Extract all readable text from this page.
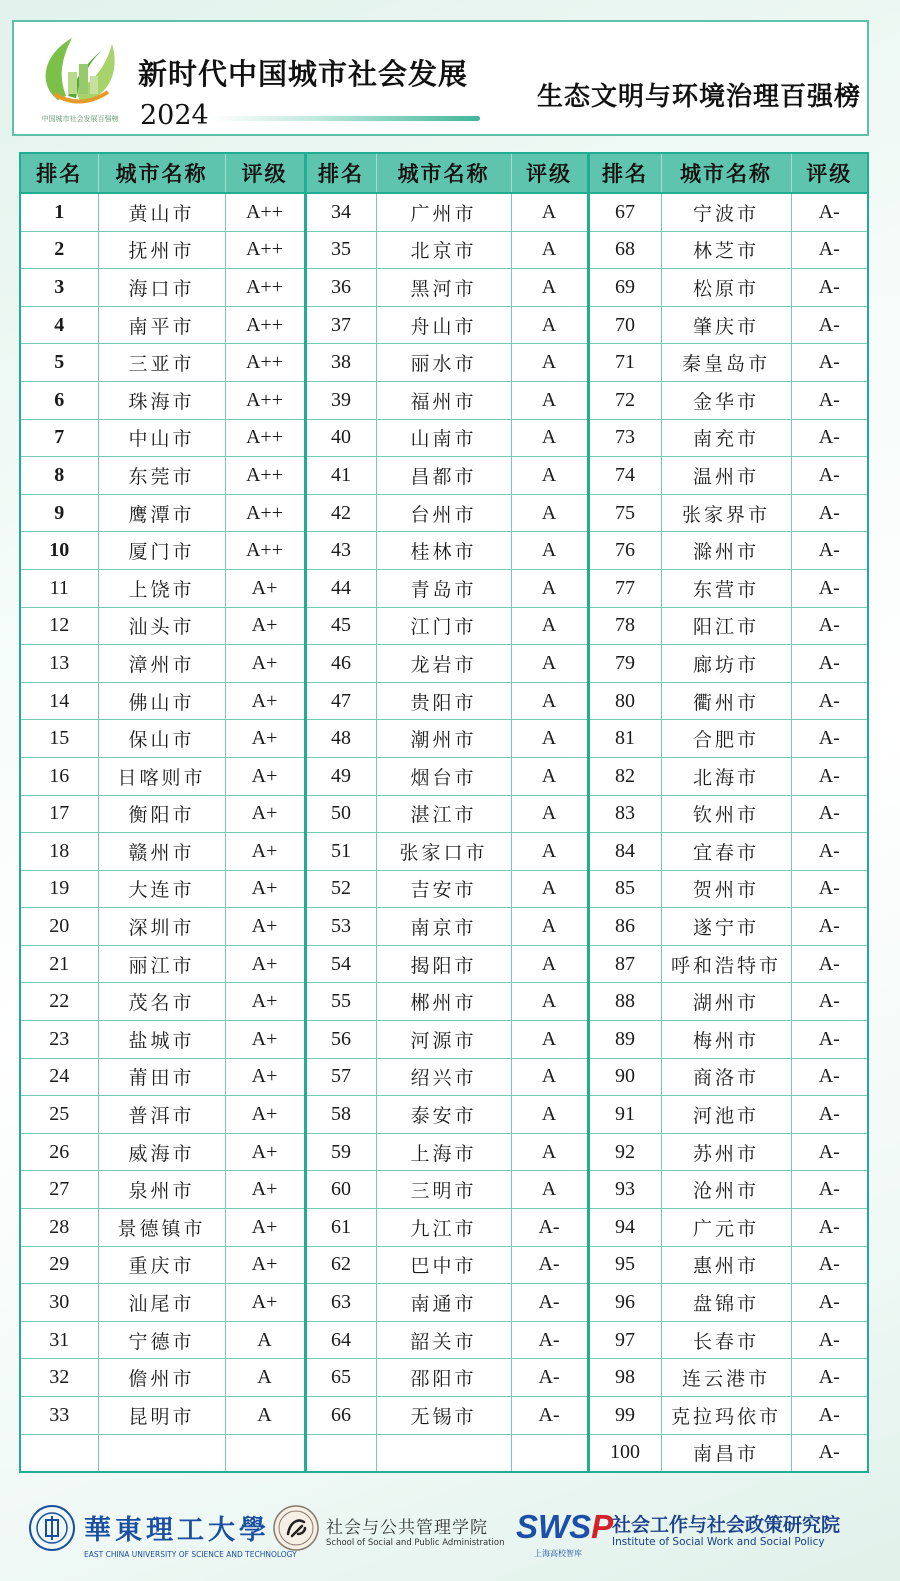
中国城市社会发展百强榜
新时代中国城市社会发展
2024
生态文明与环境治理百强榜
排名	城市名称	评级	排名	城市名称	评级	排名	城市名称	评级
1	黄山市	A++	34	广州市	A	67	宁波市	A-
2	抚州市	A++	35	北京市	A	68	林芝市	A-
3	海口市	A++	36	黑河市	A	69	松原市	A-
4	南平市	A++	37	舟山市	A	70	肇庆市	A-
5	三亚市	A++	38	丽水市	A	71	秦皇岛市	A-
6	珠海市	A++	39	福州市	A	72	金华市	A-
7	中山市	A++	40	山南市	A	73	南充市	A-
8	东莞市	A++	41	昌都市	A	74	温州市	A-
9	鹰潭市	A++	42	台州市	A	75	张家界市	A-
10	厦门市	A++	43	桂林市	A	76	滁州市	A-
11	上饶市	A+	44	青岛市	A	77	东营市	A-
12	汕头市	A+	45	江门市	A	78	阳江市	A-
13	漳州市	A+	46	龙岩市	A	79	廊坊市	A-
14	佛山市	A+	47	贵阳市	A	80	衢州市	A-
15	保山市	A+	48	潮州市	A	81	合肥市	A-
16	日喀则市	A+	49	烟台市	A	82	北海市	A-
17	衡阳市	A+	50	湛江市	A	83	钦州市	A-
18	赣州市	A+	51	张家口市	A	84	宜春市	A-
19	大连市	A+	52	吉安市	A	85	贺州市	A-
20	深圳市	A+	53	南京市	A	86	遂宁市	A-
21	丽江市	A+	54	揭阳市	A	87	呼和浩特市	A-
22	茂名市	A+	55	郴州市	A	88	湖州市	A-
23	盐城市	A+	56	河源市	A	89	梅州市	A-
24	莆田市	A+	57	绍兴市	A	90	商洛市	A-
25	普洱市	A+	58	泰安市	A	91	河池市	A-
26	威海市	A+	59	上海市	A	92	苏州市	A-
27	泉州市	A+	60	三明市	A	93	沧州市	A-
28	景德镇市	A+	61	九江市	A-	94	广元市	A-
29	重庆市	A+	62	巴中市	A-	95	惠州市	A-
30	汕尾市	A+	63	南通市	A-	96	盘锦市	A-
31	宁德市	A	64	韶关市	A-	97	长春市	A-
32	儋州市	A	65	邵阳市	A-	98	连云港市	A-
33	昆明市	A	66	无锡市	A-	99	克拉玛依市	A-
						100	南昌市	A-
華東理工大學
EAST CHINA UNIVERSITY OF SCIENCE AND TECHNOLOGY
社会与公共管理学院
School of Social and Public Administration SWSP
上海高校智库
社会工作与社会政策研究院
Institute of Social Work and Social Policy
